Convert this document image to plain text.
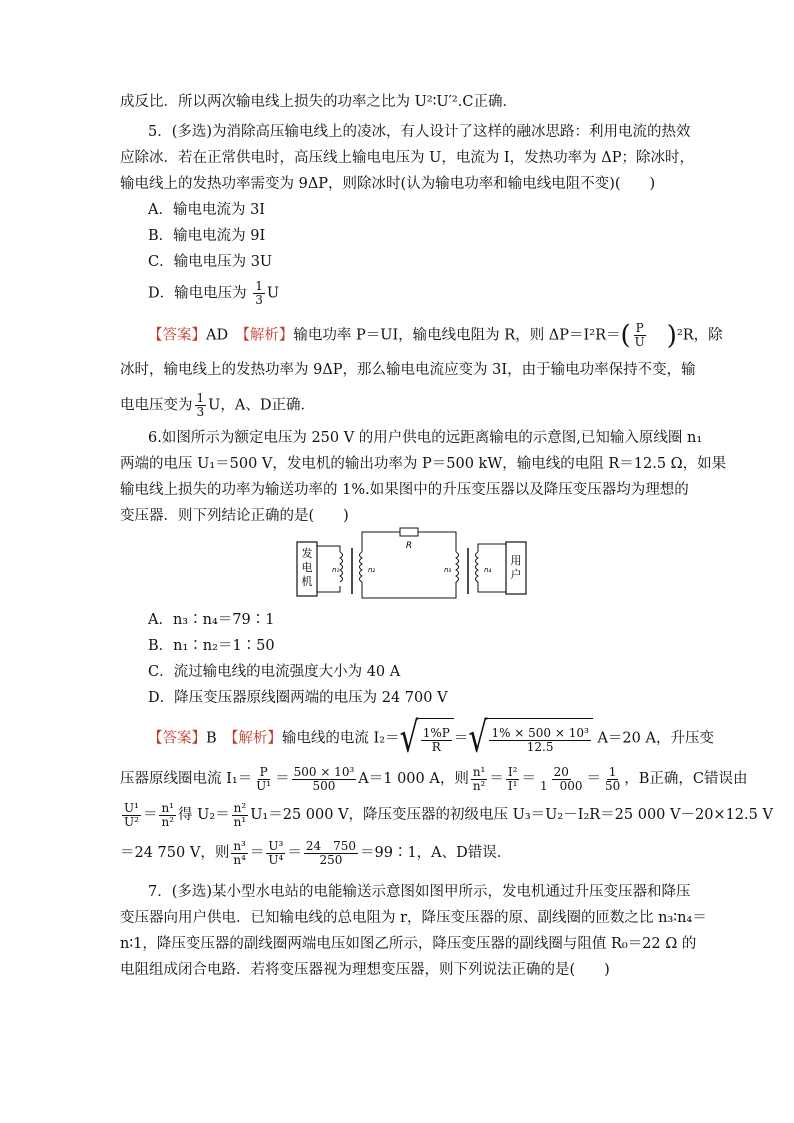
成反比．所以两次输电线上损失的功率之比为 U²∶U′².C正确．
5．(多选)为消除高压输电线上的凌冰，有人设计了这样的融冰思路：利用电流的热效
应除冰．若在正常供电时，高压线上输电电压为 U，电流为 I，发热功率为 ΔP；除冰时，
输电线上的发热功率需变为 9ΔP，则除冰时(认为输电功率和输电线电阻不变)(　　)
A．输电电流为 3I
B．输电电流为 9I
C．输电电压为 3U
D．输电电压为 $\frac{1}{3}$ U
【答案】AD　 【解析】输电功率 P＝UI，输电线电阻为 R，则 $\Delta P=I^2R=( \frac{P}{U} )^2R$，除
冰时，输电线上的发热功率为 9ΔP，那么输电电流应变为 3I，由于输电功率保持不变，输
电电压变为 $\frac{1}{3}$ U，A、D正确．
6.如图所示为额定电压为 250 V 的用户供电的远距离输电的示意图,已知输入原线圈 n₁
两端的电压 U₁＝500 V，发电机的输出功率为 P＝500 kW，输电线的电阻 R＝12.5 Ω，如果
输电线上损失的功率为输送功率的 1%.如果图中的升压变压器以及降压变压器均为理想的
变压器．则下列结论正确的是(　　)
发
电
机
n₁	n₂
R
n₃	n₄
用
户
A．n₃∶n₄＝79∶1
B．n₁∶n₂＝1∶50
C．流过输电线的电流强度大小为 40 A
D．降压变压器原线圈两端的电压为 24 700 V
【答案】B　 【解析】输电线的电流 I₂＝ √ $\frac{1\%P}{R}$ ＝ √ $\frac{\text{1\% × 500 × 10³}}{12.5} A=20$ A，升压变
压器原线圈电流 $I_1= \frac{P}{\text{U¹}} = \frac{\text{500 × 10³}}{500} A=1$ 000 A，则 $\frac{\text{n¹}}{\text{n²}} = \frac{\text{I²}}{\text{I¹}} = \frac{20}{1 000} = \frac{1}{50}$ ，B正确，C错误由
$\frac{\text{U¹}}{\text{U²}} = \frac{\text{n¹}}{\text{n²}}$ 得 $U_2= \frac{\text{n²}}{\text{n¹}} U_1=25$ 000 V，降压变压器的初级电压 U₃＝U₂－I₂R＝25 000 V－20×12.5 V
＝24 750 V，则 $\frac{\text{n³}}{\text{n⁴}} = \frac{\text{U³}}{\text{U⁴}} = \frac{24 750}{250}$ ＝99∶1，A、D错误．
7．(多选)某小型水电站的电能输送示意图如图甲所示，发电机通过升压变压器和降压
变压器向用户供电．已知输电线的总电阻为 r，降压变压器的原、副线圈的匝数之比 n₃∶n₄＝
n∶1，降压变压器的副线圈两端电压如图乙所示，降压变压器的副线圈与阻值 R₀＝22 Ω 的
电阻组成闭合电路．若将变压器视为理想变压器，则下列说法正确的是(　　)
